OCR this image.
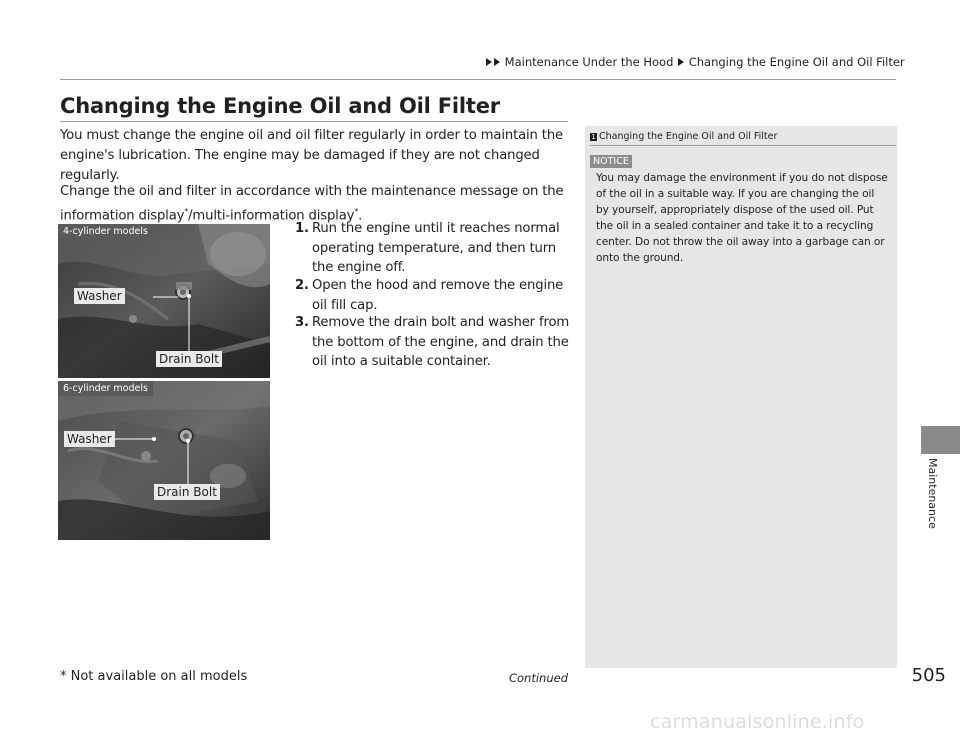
Maintenance Under the Hood Changing the Engine Oil and Oil Filter
Changing the Engine Oil and Oil Filter
You must change the engine oil and oil filter regularly in order to maintain the engine's lubrication. The engine may be damaged if they are not changed regularly.
Change the oil and filter in accordance with the maintenance message on the information display*/multi-information display*.
1. Run the engine until it reaches normal operating temperature, and then turn the engine off.
2. Open the hood and remove the engine oil fill cap.
3. Remove the drain bolt and washer from the bottom of the engine, and drain the oil into a suitable container.
4-cylinder models
Washer
Drain Bolt
6-cylinder models
Washer
Drain Bolt
1 Changing the Engine Oil and Oil Filter
NOTICE
You may damage the environment if you do not dispose of the oil in a suitable way. If you are changing the oil by yourself, appropriately dispose of the used oil. Put the oil in a sealed container and take it to a recycling center. Do not throw the oil away into a garbage can or onto the ground.
Maintenance
* Not available on all models	Continued	505
carmanualsonline.info
